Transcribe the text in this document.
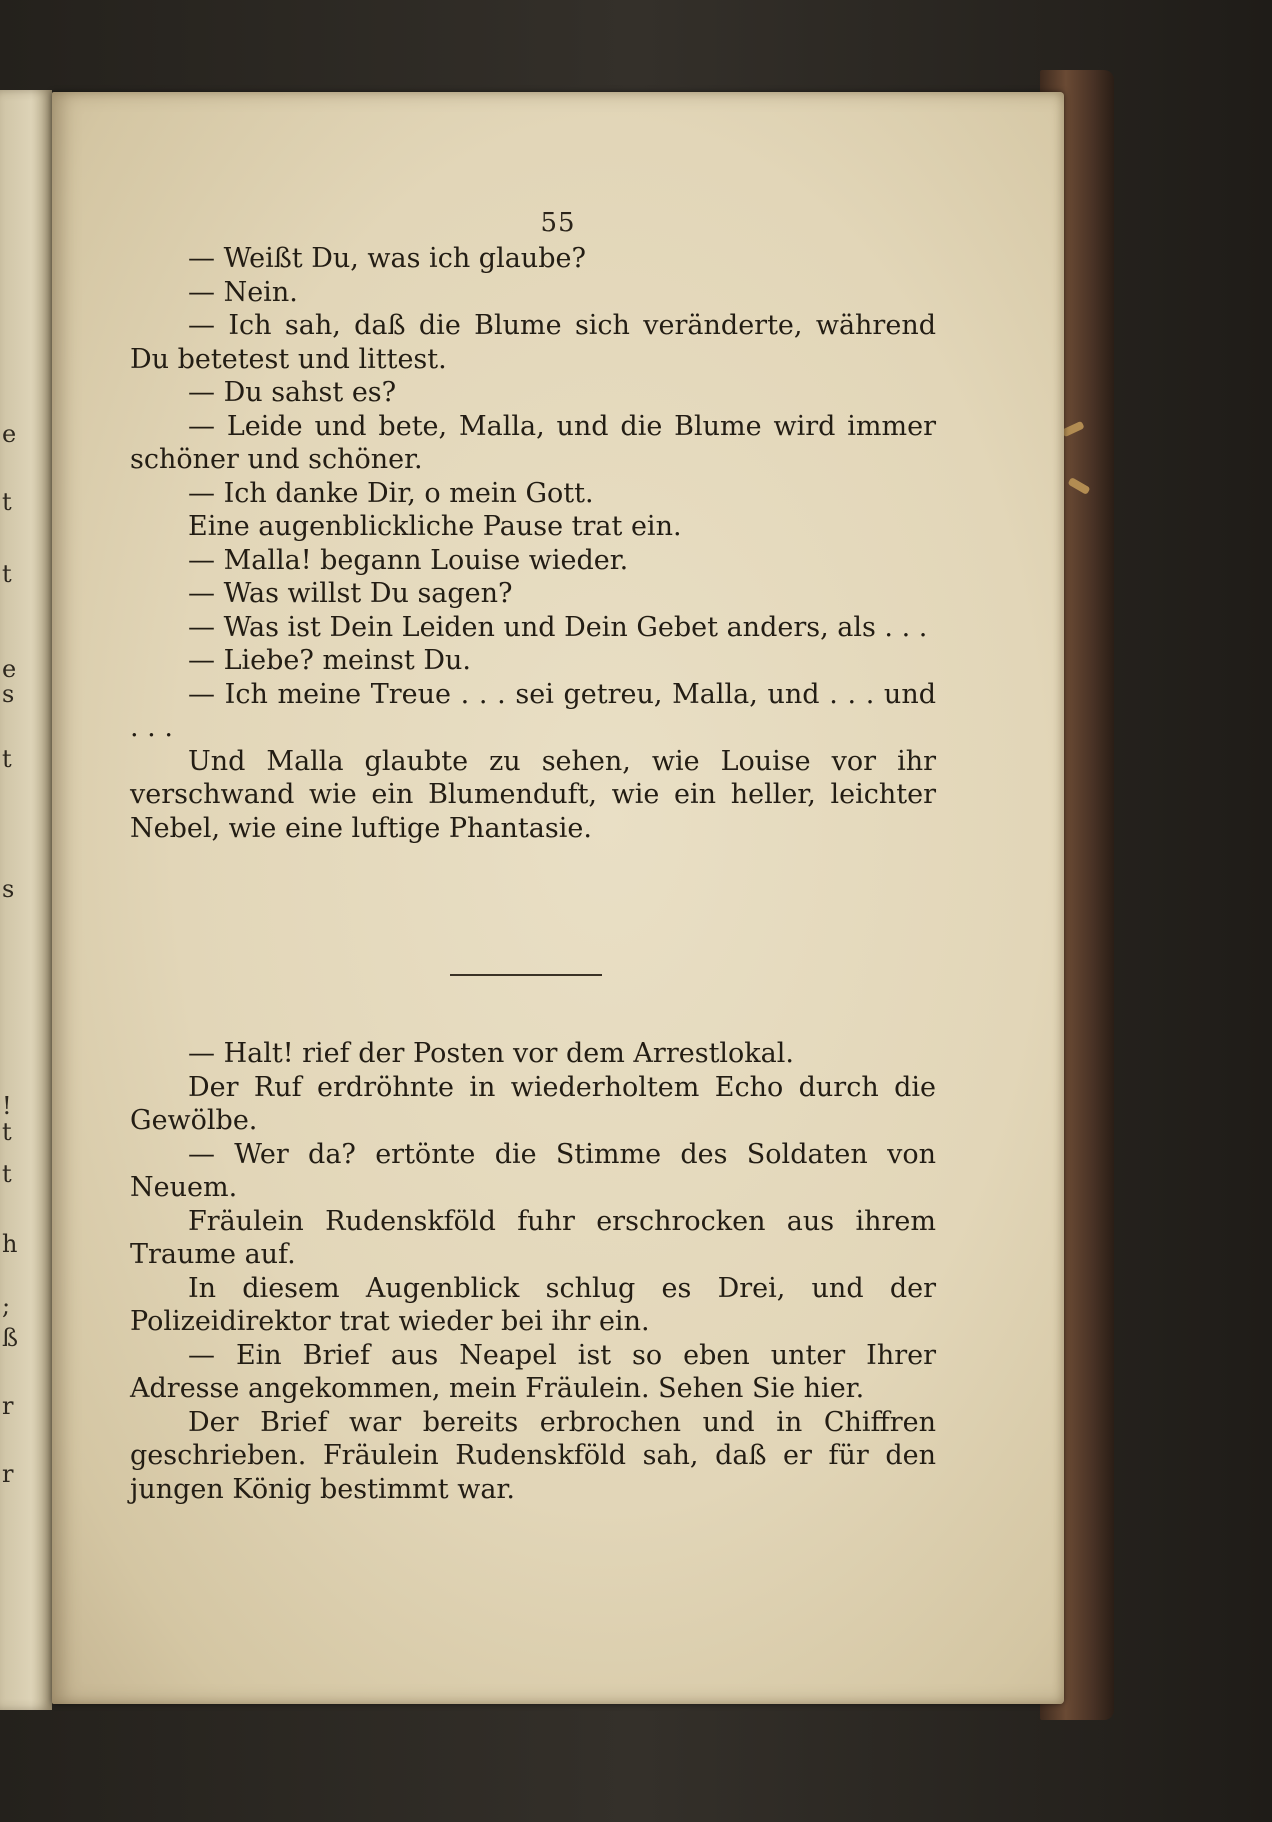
e
t
t
e
s
t
s
!
t
t
h
;
ß
r
r
55

— Weißt Du, was ich glaube?

— Nein.

— Ich sah, daß die Blume sich veränderte, während Du betetest und littest.

— Du sahst es?

— Leide und bete, Malla, und die Blume wird immer schöner und schöner.

— Ich danke Dir, o mein Gott.

Eine augenblickliche Pause trat ein.

— Malla! begann Louise wieder.

— Was willst Du sagen?

— Was ist Dein Leiden und Dein Gebet anders, als . . .

— Liebe? meinst Du.

— Ich meine Treue . . . sei getreu, Malla, und . . . und . . .

Und Malla glaubte zu sehen, wie Louise vor ihr verschwand wie ein Blumenduft, wie ein heller, leichter Nebel, wie eine luftige Phantasie.

— Halt! rief der Posten vor dem Arrestlokal.

Der Ruf erdröhnte in wiederholtem Echo durch die Gewölbe.

— Wer da? ertönte die Stimme des Soldaten von Neuem.

Fräulein Rudenskföld fuhr erschrocken aus ihrem Traume auf.

In diesem Augenblick schlug es Drei, und der Polizeidirektor trat wieder bei ihr ein.

— Ein Brief aus Neapel ist so eben unter Ihrer Adresse angekommen, mein Fräulein. Sehen Sie hier.

Der Brief war bereits erbrochen und in Chiffren geschrieben. Fräulein Rudenskföld sah, daß er für den jungen König bestimmt war.
